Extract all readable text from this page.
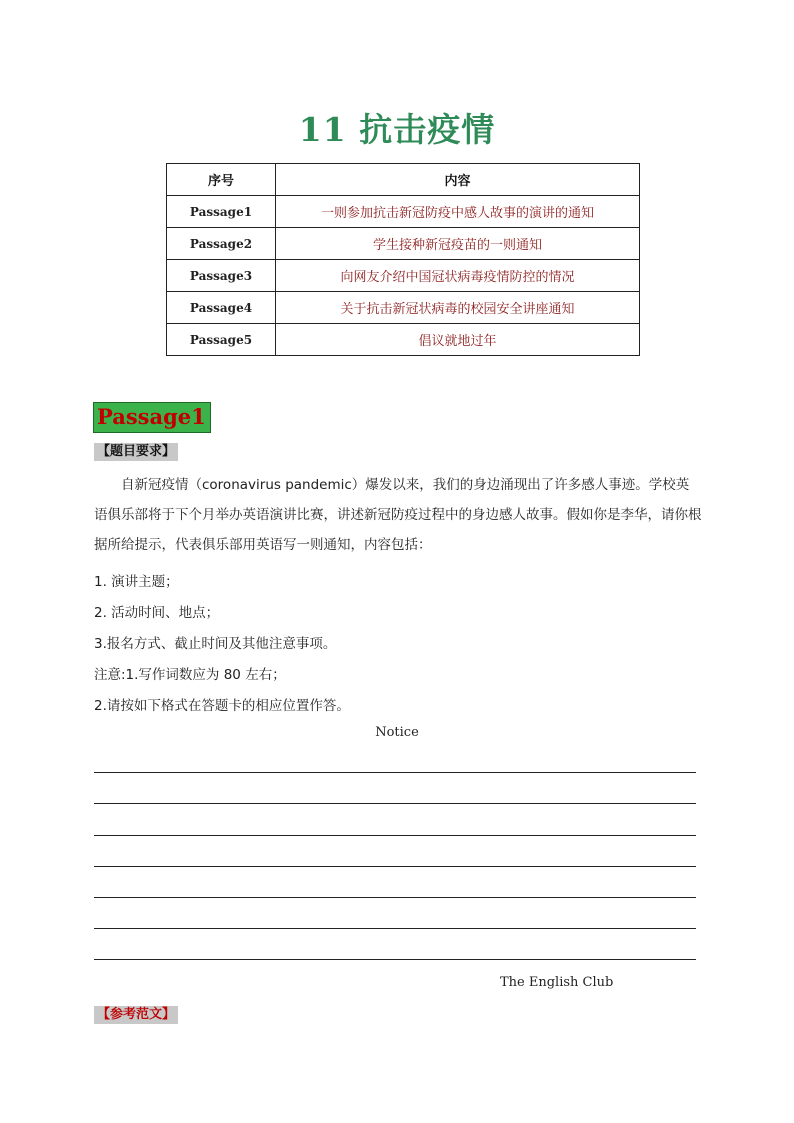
11 抗击疫情
序号	内容
Passage1	一则参加抗击新冠防疫中感人故事的演讲的通知
Passage2	学生接种新冠疫苗的一则通知
Passage3	向网友介绍中国冠状病毒疫情防控的情况
Passage4	关于抗击新冠状病毒的校园安全讲座通知
Passage5	倡议就地过年
Passage1
【题目要求】
自新冠疫情（coronavirus pandemic）爆发以来，我们的身边涌现出了许多感人事迹。学校英语俱乐部将于下个月举办英语演讲比赛，讲述新冠防疫过程中的身边感人故事。假如你是李华，请你根据所给提示，代表俱乐部用英语写一则通知，内容包括：
1. 演讲主题；
2. 活动时间、地点；
3.报名方式、截止时间及其他注意事项。
注意:1.写作词数应为 80 左右；
2.请按如下格式在答题卡的相应位置作答。
Notice
The English Club
【参考范文】
